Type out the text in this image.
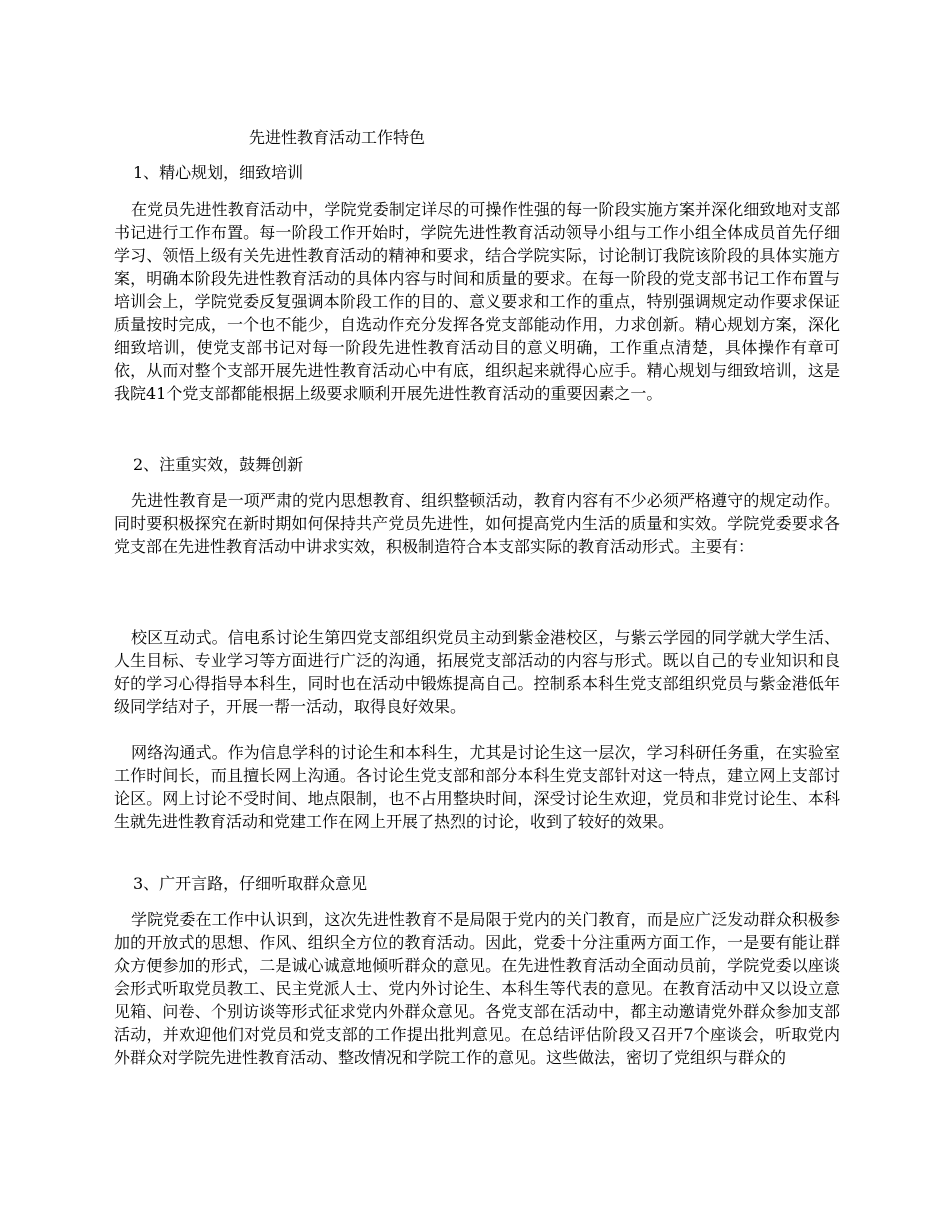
先进性教育活动工作特色
1、精心规划，细致培训

在党员先进性教育活动中，学院党委制定详尽的可操作性强的每一阶段实施方案并深化细致地对支部书记进行工作布置。每一阶段工作开始时，学院先进性教育活动领导小组与工作小组全体成员首先仔细学习、领悟上级有关先进性教育活动的精神和要求，结合学院实际，讨论制订我院该阶段的具体实施方案，明确本阶段先进性教育活动的具体内容与时间和质量的要求。在每一阶段的党支部书记工作布置与培训会上，学院党委反复强调本阶段工作的目的、意义要求和工作的重点，特别强调规定动作要求保证质量按时完成，一个也不能少，自选动作充分发挥各党支部能动作用，力求创新。精心规划方案，深化细致培训，使党支部书记对每一阶段先进性教育活动目的意义明确，工作重点清楚，具体操作有章可依，从而对整个支部开展先进性教育活动心中有底，组织起来就得心应手。精心规划与细致培训，这是我院41个党支部都能根据上级要求顺利开展先进性教育活动的重要因素之一。

2、注重实效，鼓舞创新

先进性教育是一项严肃的党内思想教育、组织整顿活动，教育内容有不少必须严格遵守的规定动作。同时要积极探究在新时期如何保持共产党员先进性，如何提高党内生活的质量和实效。学院党委要求各党支部在先进性教育活动中讲求实效，积极制造符合本支部实际的教育活动形式。主要有：

校区互动式。信电系讨论生第四党支部组织党员主动到紫金港校区，与紫云学园的同学就大学生活、人生目标、专业学习等方面进行广泛的沟通，拓展党支部活动的内容与形式。既以自己的专业知识和良好的学习心得指导本科生，同时也在活动中锻炼提高自己。控制系本科生党支部组织党员与紫金港低年级同学结对子，开展一帮一活动，取得良好效果。

网络沟通式。作为信息学科的讨论生和本科生，尤其是讨论生这一层次，学习科研任务重，在实验室工作时间长，而且擅长网上沟通。各讨论生党支部和部分本科生党支部针对这一特点，建立网上支部讨论区。网上讨论不受时间、地点限制，也不占用整块时间，深受讨论生欢迎，党员和非党讨论生、本科生就先进性教育活动和党建工作在网上开展了热烈的讨论，收到了较好的效果。

3、广开言路，仔细听取群众意见

学院党委在工作中认识到，这次先进性教育不是局限于党内的关门教育，而是应广泛发动群众积极参加的开放式的思想、作风、组织全方位的教育活动。因此，党委十分注重两方面工作，一是要有能让群众方便参加的形式，二是诚心诚意地倾听群众的意见。在先进性教育活动全面动员前，学院党委以座谈会形式听取党员教工、民主党派人士、党内外讨论生、本科生等代表的意见。在教育活动中又以设立意见箱、问卷、个别访谈等形式征求党内外群众意见。各党支部在活动中，都主动邀请党外群众参加支部活动，并欢迎他们对党员和党支部的工作提出批判意见。在总结评估阶段又召开7个座谈会，听取党内外群众对学院先进性教育活动、整改情况和学院工作的意见。这些做法，密切了党组织与群众的
